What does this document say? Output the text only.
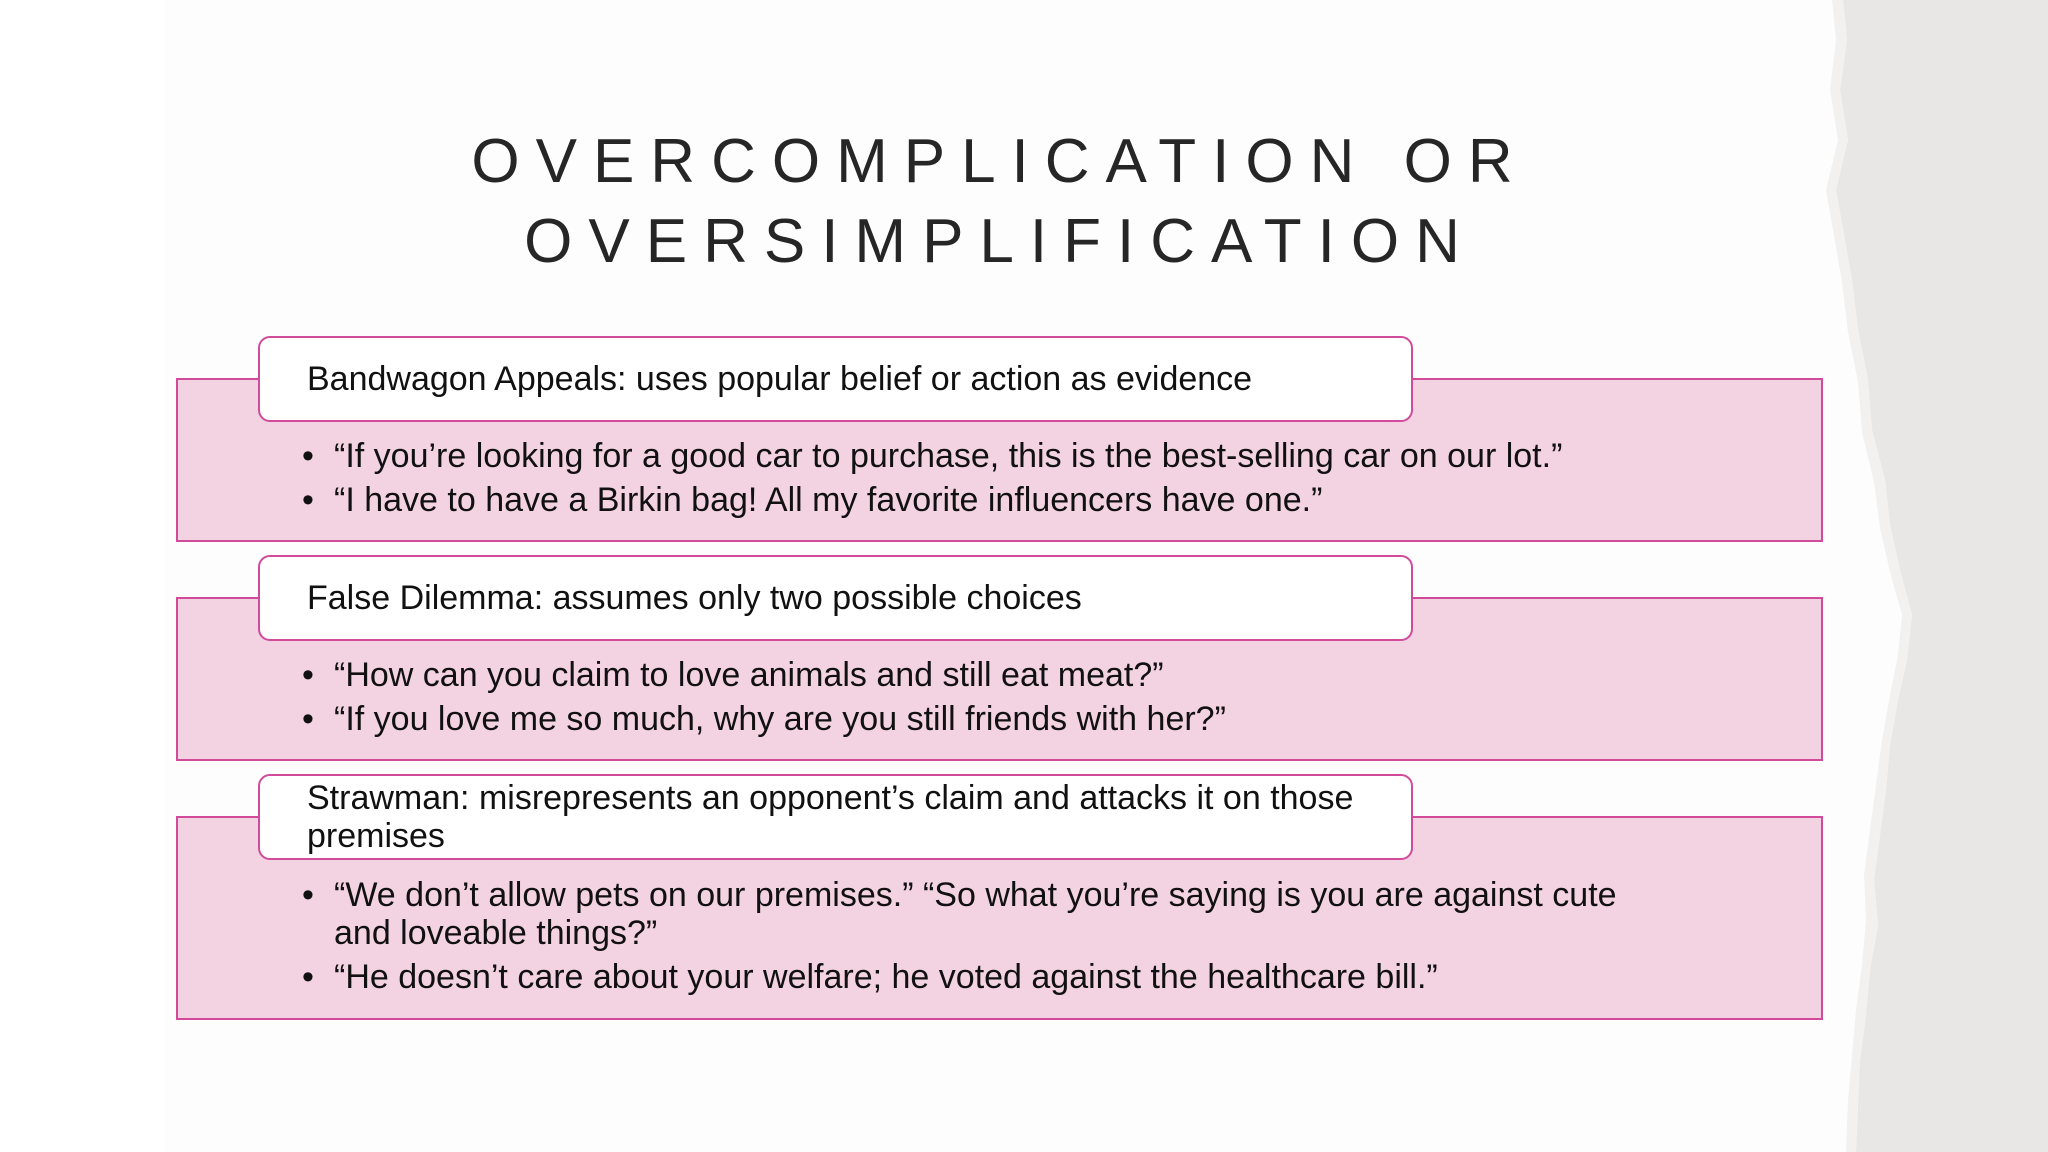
OVERCOMPLICATION OR
OVERSIMPLIFICATION
Bandwagon Appeals: uses popular belief or action as evidence
• “If you’re looking for a good car to purchase, this is the best-selling car on our lot.”
• “I have to have a Birkin bag! All my favorite influencers have one.”
False Dilemma: assumes only two possible choices
• “How can you claim to love animals and still eat meat?”
• “If you love me so much, why are you still friends with her?”
Strawman: misrepresents an opponent’s claim and attacks it on those premises
• “We don’t allow pets on our premises.” “So what you’re saying is you are against cute and loveable things?”
• “He doesn’t care about your welfare; he voted against the healthcare bill.”
